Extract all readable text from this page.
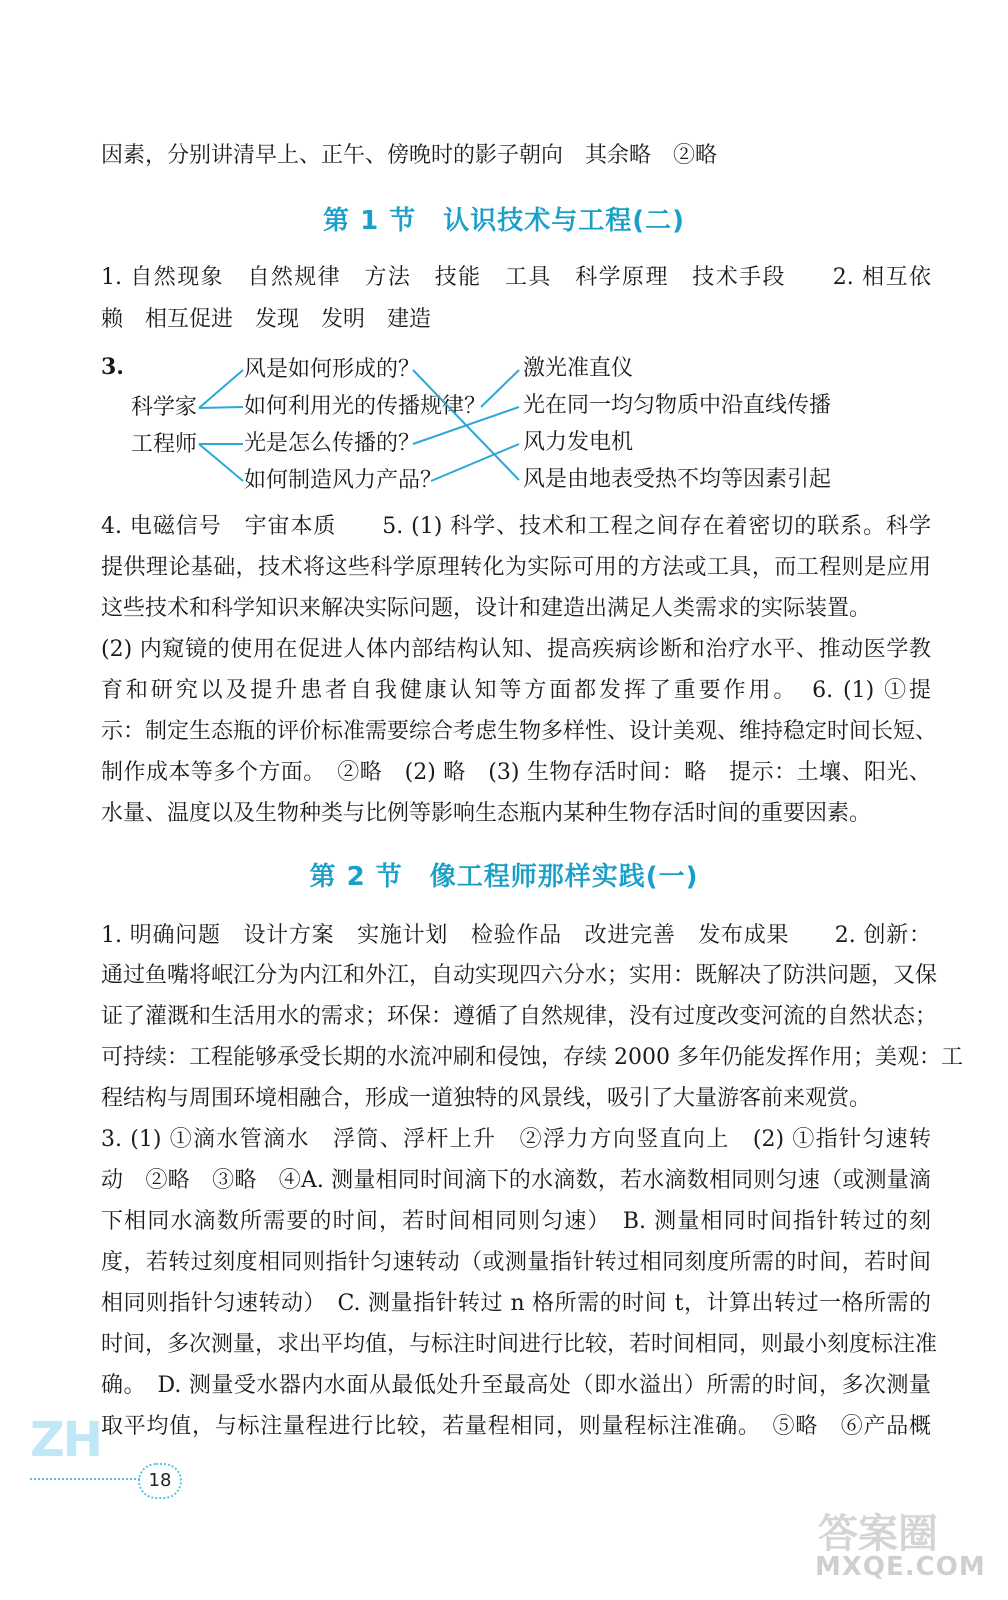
因素，分别讲清早上、正午、傍晚时的影子朝向　其余略　②略
第 1 节　认识技术与工程(二)
1. 自然现象　自然规律　方法　技能　工具　科学原理　技术手段　　2. 相互依
赖　相互促进　发现　发明　建造
3.
科学家
工程师
风是如何形成的？
如何利用光的传播规律？
光是怎么传播的？
如何制造风力产品？
激光准直仪
光在同一均匀物质中沿直线传播
风力发电机
风是由地表受热不均等因素引起
4. 电磁信号　宇宙本质　　5. (1) 科学、技术和工程之间存在着密切的联系。科学
提供理论基础，技术将这些科学原理转化为实际可用的方法或工具，而工程则是应用
这些技术和科学知识来解决实际问题，设计和建造出满足人类需求的实际装置。
(2) 内窥镜的使用在促进人体内部结构认知、提高疾病诊断和治疗水平、推动医学教
育和研究以及提升患者自我健康认知等方面都发挥了重要作用。　6. (1) ①提
示：制定生态瓶的评价标准需要综合考虑生物多样性、设计美观、维持稳定时间长短、
制作成本等多个方面。　②略　(2) 略　(3) 生物存活时间：略　提示：土壤、阳光、
水量、温度以及生物种类与比例等影响生态瓶内某种生物存活时间的重要因素。
第 2 节　像工程师那样实践(一)
1. 明确问题　设计方案　实施计划　检验作品　改进完善　发布成果　　2. 创新：
通过鱼嘴将岷江分为内江和外江，自动实现四六分水；实用：既解决了防洪问题，又保
证了灌溉和生活用水的需求；环保：遵循了自然规律，没有过度改变河流的自然状态；
可持续：工程能够承受长期的水流冲刷和侵蚀，存续 2000 多年仍能发挥作用；美观：工
程结构与周围环境相融合，形成一道独特的风景线，吸引了大量游客前来观赏。
3. (1) ①滴水管滴水　浮筒、浮杆上升　②浮力方向竖直向上　(2) ①指针匀速转
动　②略　③略　④A. 测量相同时间滴下的水滴数，若水滴数相同则匀速（或测量滴
下相同水滴数所需要的时间，若时间相同则匀速）　B. 测量相同时间指针转过的刻
度，若转过刻度相同则指针匀速转动（或测量指针转过相同刻度所需的时间，若时间
相同则指针匀速转动）　C. 测量指针转过 n 格所需的时间 t，计算出转过一格所需的
时间，多次测量，求出平均值，与标注时间进行比较，若时间相同，则最小刻度标注准
确。　D. 测量受水器内水面从最低处升至最高处（即水溢出）所需的时间，多次测量
取平均值，与标注量程进行比较，若量程相同，则量程标注准确。　⑤略　⑥产品概
ZH
18
答案圈
MXQE.COM
